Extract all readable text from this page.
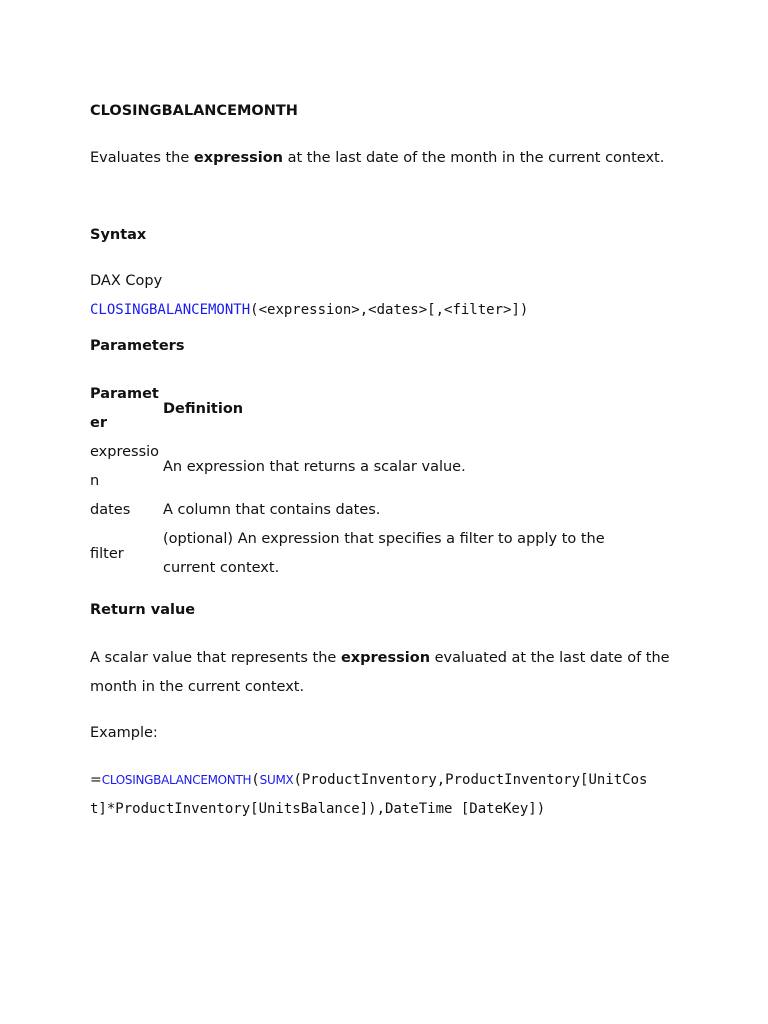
CLOSINGBALANCEMONTH
Evaluates the expression at the last date of the month in the current context.
Syntax
DAX Copy
CLOSINGBALANCEMONTH(<expression>,<dates>[,<filter>])
Parameters
Parameter	Definition
expression	An expression that returns a scalar value.
dates	A column that contains dates.
filter	(optional) An expression that specifies a filter to apply to the current context.
Return value
A scalar value that represents the expression evaluated at the last date of the month in the current context.
Example:
=CLOSINGBALANCEMONTH(SUMX(ProductInventory,ProductInventory[UnitCos
t]*ProductInventory[UnitsBalance]),DateTime [DateKey])
